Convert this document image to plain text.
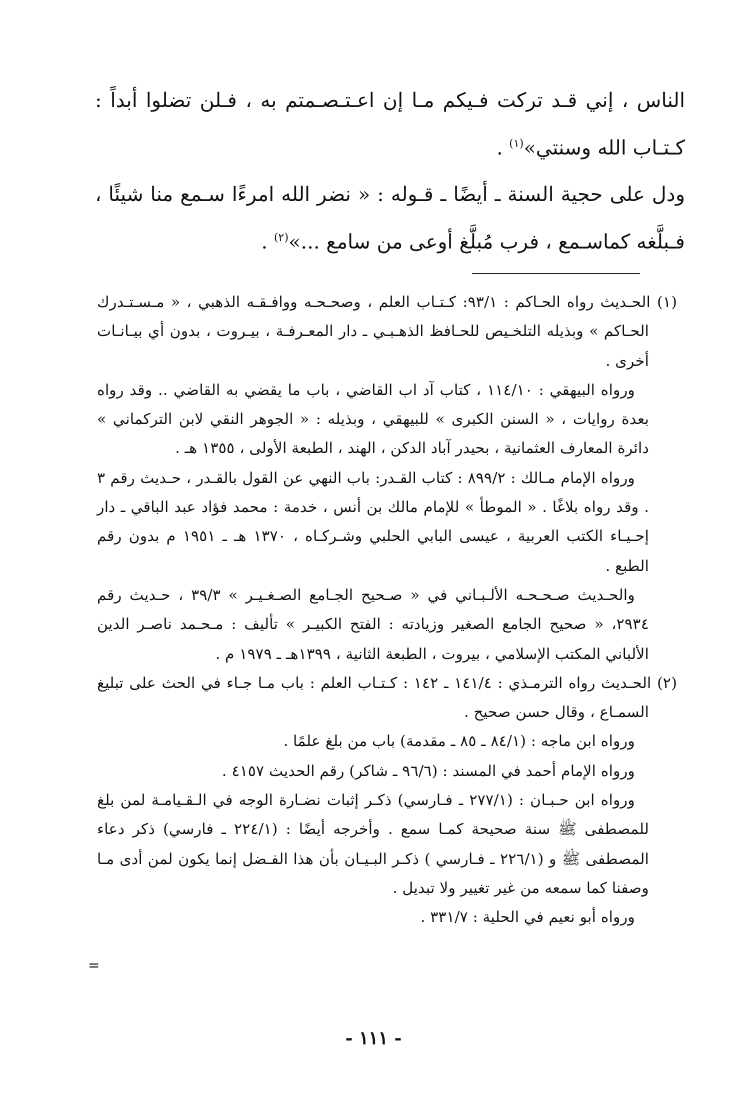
الناس ، إني قـد تركت فـيكم مـا إن اعـتـصـمتم به ، فـلن تضلوا أبداً : كـتـاب الله وسنتي»$^{(١)}$ .

ودل على حجية السنة ـ أيضًا ـ قـوله : « نضر الله امرءًا سـمع منا شيئًا ، فـبلَّغه كماسـمع ، فرب مُبلَّغ أوعى من سامع ...»$^{(٢)}$ .

(١) الحـديث رواه الحـاكم : ٩٣/١: كـتـاب العلم ، وصحـحـه ووافـقـه الذهبي ، « مـسـتـدرك الحـاكم » وبذيله التلخـيص للحـافظ الذهـبـي ـ دار المعـرفـة ، بيـروت ، بدون أي بيـانـات أخرى .

ورواه البيهقي : ١١٤/١٠ ، كتاب آد اب القاضي ، باب ما يقضي به القاضي .. وقد رواه بعدة روايات ، « السنن الكبرى » للبيهقي ، وبذيله : « الجوهر النقي لابن التركماني » دائرة المعارف العثمانية ، بحيدر آباد الدكن ، الهند ، الطبعة الأولى ، ١٣٥٥ هـ .

ورواه الإمام مـالك : ٨٩٩/٢ : كتاب القـدر: باب النهي عن القول بالقـدر ، حـديث رقم ٣ . وقد رواه بلاغًا . « الموطأ » للإمام مالك بن أنس ، خدمة : محمد فؤاد عبد الباقي ـ دار إحـيـاء الكتب العربية ، عيسى البابي الحلبي وشـركـاه ، ١٣٧٠ هـ ـ ١٩٥١ م بدون رقم الطبع .

والحـديث صـحـحـه الألـبـاني في « صـحيح الجـامع الصـغـيـر » ٣٩/٣ ، حـديث رقم ٢٩٣٤، « صحيح الجامع الصغير وزيادته : الفتح الكبيـر » تأليف : مـحـمد ناصـر الدين الألباني المكتب الإسلامي ، بيروت ، الطبعة الثانية ، ١٣٩٩هـ ـ ١٩٧٩ م .

(٢) الحـديث رواه الترمـذي : ١٤١/٤ ـ ١٤٢ : كـتـاب العلم : باب مـا جـاء في الحث على تبليغ السمـاع ، وقال حسن صحيح .

ورواه ابن ماجه : (٨٤/١ ـ ٨٥ ـ مقدمة) باب من بلغ علمًا .

ورواه الإمام أحمد في المسند : (٩٦/٦ ـ شاكر) رقم الحديث ٤١٥٧ .

ورواه ابن حـبـان : (٢٧٧/١ ـ فـارسي) ذكـر إثبات نضـارة الوجه في الـقـيامـة لمن بلغ للمصطفى ﷺ سنة صحيحة كمـا سمع . وأخرجه أيضًا : (٢٢٤/١ ـ فارسي) ذكر دعاء المصطفى ﷺ و (٢٢٦/١ ـ فـارسي ) ذكـر البـيـان بأن هذا الفـضل إنما يكون لمن أدى مـا وصفنا كما سمعه من غير تغيير ولا تبديل .

ورواه أبو نعيم في الحلية : ٣٣١/٧ .

=
- ١١١ -
